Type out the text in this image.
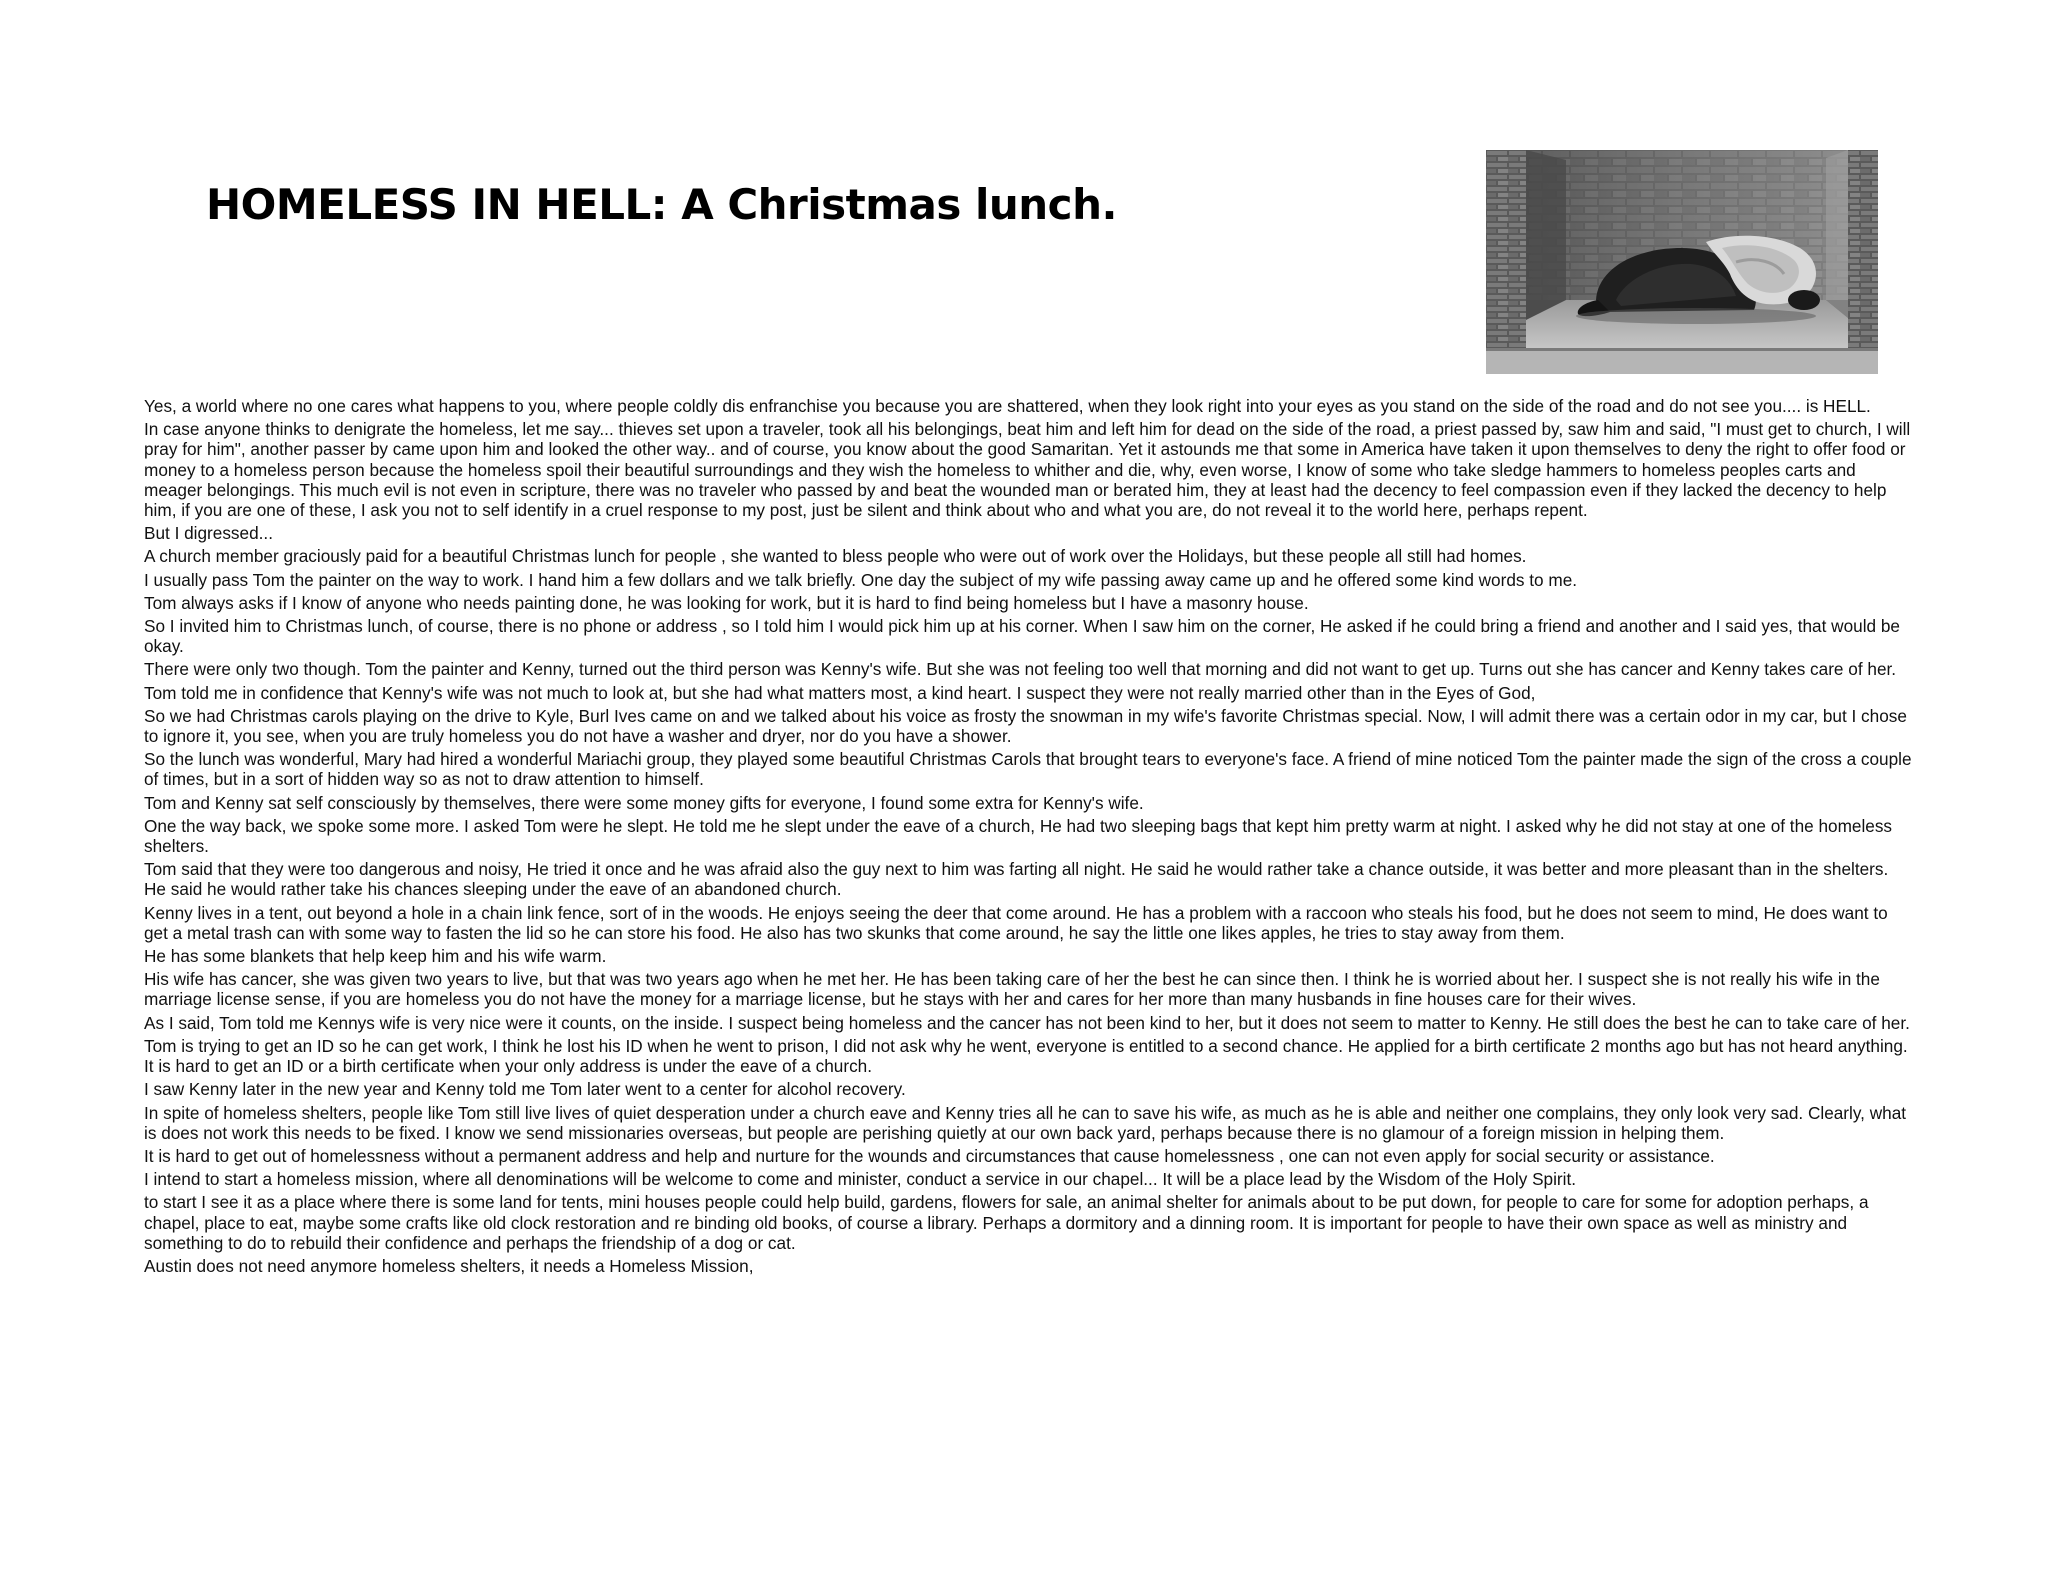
HOMELESS IN HELL: A Christmas lunch.

Yes, a world where no one cares what happens to you, where people coldly dis enfranchise you because you are shattered, when they look right into your eyes as you stand on the side of the road and do not see you.... is HELL.

In case anyone thinks to denigrate the homeless, let me say... thieves set upon a traveler, took all his belongings, beat him and left him for dead on the side of the road, a priest passed by, saw him and said, "I must get to church, I will pray for him", another passer by came upon him and looked the other way.. and of course, you know about the good Samaritan. Yet it astounds me that some in America have taken it upon themselves to deny the right to offer food or money to a homeless person because the homeless spoil their beautiful surroundings and they wish the homeless to whither and die, why, even worse, I know of some who take sledge hammers to homeless peoples carts and meager belongings. This much evil is not even in scripture, there was no traveler who passed by and beat the wounded man or berated him, they at least had the decency to feel compassion even if they lacked the decency to help him, if you are one of these, I ask you not to self identify in a cruel response to my post, just be silent and think about who and what you are, do not reveal it to the world here, perhaps repent.

But I digressed...

A church member graciously paid for a beautiful Christmas lunch for people , she wanted to bless people who were out of work over the Holidays, but these people all still had homes.

I usually pass Tom the painter on the way to work. I hand him a few dollars and we talk briefly. One day the subject of my wife passing away came up and he offered some kind words to me.

Tom always asks if I know of anyone who needs painting done, he was looking for work, but it is hard to find being homeless but I have a masonry house.

So I invited him to Christmas lunch, of course, there is no phone or address , so I told him I would pick him up at his corner. When I saw him on the corner, He asked if he could bring a friend and another and I said yes, that would be okay.

There were only two though. Tom the painter and Kenny, turned out the third person was Kenny's wife. But she was not feeling too well that morning and did not want to get up. Turns out she has cancer and Kenny takes care of her.

Tom told me in confidence that Kenny's wife was not much to look at, but she had what matters most, a kind heart. I suspect they were not really married other than in the Eyes of God,

So we had Christmas carols playing on the drive to Kyle, Burl Ives came on and we talked about his voice as frosty the snowman in my wife's favorite Christmas special. Now, I will admit there was a certain odor in my car, but I chose to ignore it, you see, when you are truly homeless you do not have a washer and dryer, nor do you have a shower.

So the lunch was wonderful, Mary had hired a wonderful Mariachi group, they played some beautiful Christmas Carols that brought tears to everyone's face. A friend of mine noticed Tom the painter made the sign of the cross a couple of times, but in a sort of hidden way so as not to draw attention to himself.

Tom and Kenny sat self consciously by themselves, there were some money gifts for everyone, I found some extra for Kenny's wife.

One the way back, we spoke some more. I asked Tom were he slept. He told me he slept under the eave of a church, He had two sleeping bags that kept him pretty warm at night. I asked why he did not stay at one of the homeless shelters.

Tom said that they were too dangerous and noisy, He tried it once and he was afraid also the guy next to him was farting all night. He said he would rather take a chance outside, it was better and more pleasant than in the shelters. He said he would rather take his chances sleeping under the eave of an abandoned church.

Kenny lives in a tent, out beyond a hole in a chain link fence, sort of in the woods. He enjoys seeing the deer that come around. He has a problem with a raccoon who steals his food, but he does not seem to mind, He does want to get a metal trash can with some way to fasten the lid so he can store his food. He also has two skunks that come around, he say the little one likes apples, he tries to stay away from them.

He has some blankets that help keep him and his wife warm.

His wife has cancer, she was given two years to live, but that was two years ago when he met her. He has been taking care of her the best he can since then. I think he is worried about her. I suspect she is not really his wife in the marriage license sense, if you are homeless you do not have the money for a marriage license, but he stays with her and cares for her more than many husbands in fine houses care for their wives.

As I said, Tom told me Kennys wife is very nice were it counts, on the inside. I suspect being homeless and the cancer has not been kind to her, but it does not seem to matter to Kenny. He still does the best he can to take care of her.

Tom is trying to get an ID so he can get work, I think he lost his ID when he went to prison, I did not ask why he went, everyone is entitled to a second chance. He applied for a birth certificate 2 months ago but has not heard anything. It is hard to get an ID or a birth certificate when your only address is under the eave of a church.

I saw Kenny later in the new year and Kenny told me Tom later went to a center for alcohol recovery.

In spite of homeless shelters, people like Tom still live lives of quiet desperation under a church eave and Kenny tries all he can to save his wife, as much as he is able and neither one complains, they only look very sad. Clearly, what is does not work this needs to be fixed. I know we send missionaries overseas, but people are perishing quietly at our own back yard, perhaps because there is no glamour of a foreign mission in helping them.

It is hard to get out of homelessness without a permanent address and help and nurture for the wounds and circumstances that cause homelessness , one can not even apply for social security or assistance.

I intend to start a homeless mission, where all denominations will be welcome to come and minister, conduct a service in our chapel... It will be a place lead by the Wisdom of the Holy Spirit.

to start I see it as a place where there is some land for tents, mini houses people could help build, gardens, flowers for sale, an animal shelter for animals about to be put down, for people to care for some for adoption perhaps, a chapel, place to eat, maybe some crafts like old clock restoration and re binding old books, of course a library. Perhaps a dormitory and a dinning room. It is important for people to have their own space as well as ministry and something to do to rebuild their confidence and perhaps the friendship of a dog or cat.

Austin does not need anymore homeless shelters, it needs a Homeless Mission,
